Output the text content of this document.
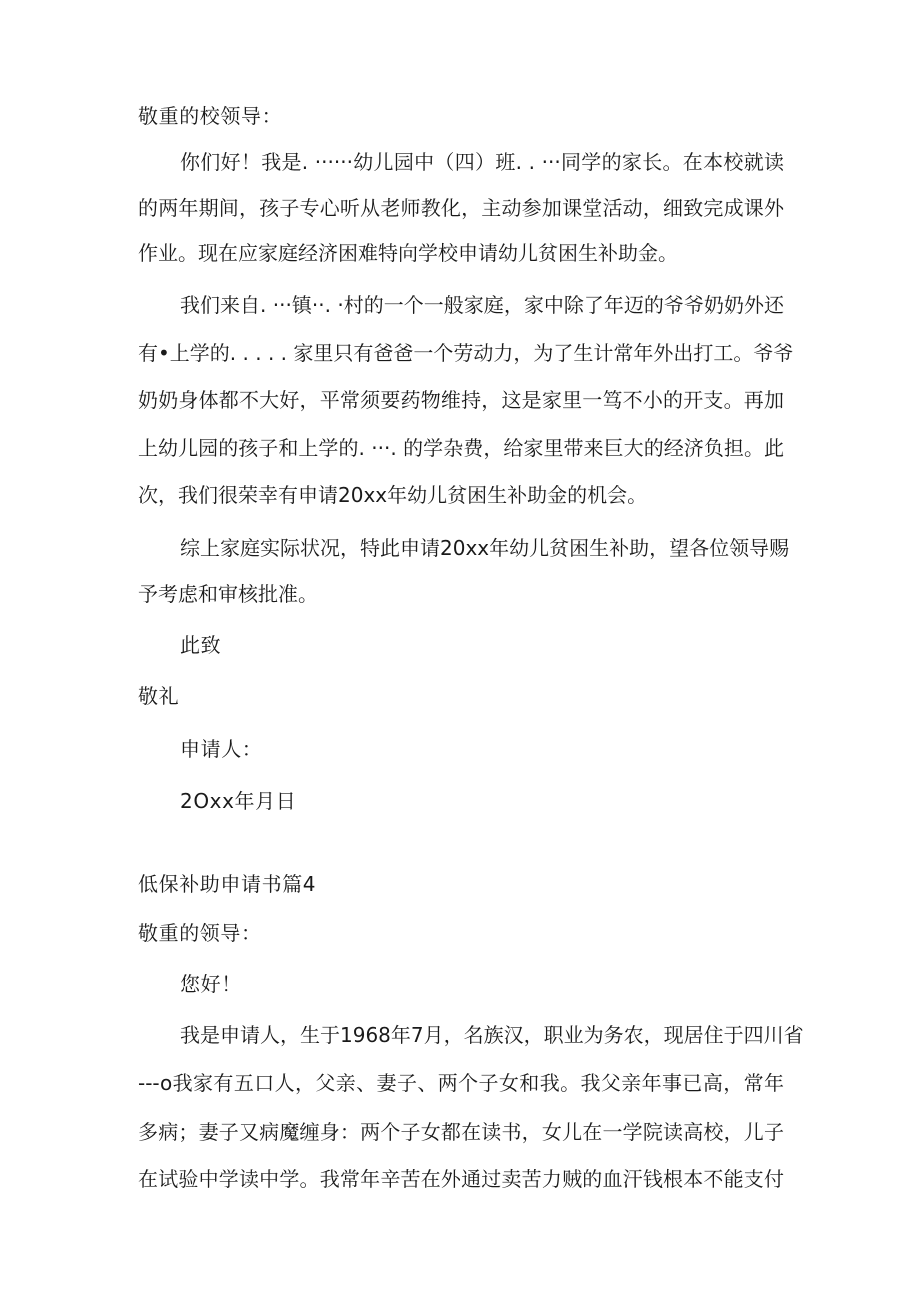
敬重的校领导：
你们好！我是. ······幼儿园中（四）班. . ···同学的家长。在本校就读
的两年期间，孩子专心听从老师教化，主动参加课堂活动，细致完成课外
作业。现在应家庭经济困难特向学校申请幼儿贫困生补助金。
我们来自. ···镇··. ·村的一个一般家庭，家中除了年迈的爷爷奶奶外还
有•上学的. . . . . 家里只有爸爸一个劳动力，为了生计常年外出打工。爷爷
奶奶身体都不大好，平常须要药物维持，这是家里一笃不小的开支。再加
上幼儿园的孩子和上学的. ···. 的学杂费，给家里带来巨大的经济负担。此
次，我们很荣幸有申请20xx年幼儿贫困生补助金的机会。
综上家庭实际状况，特此申请20xx年幼儿贫困生补助，望各位领导赐
予考虑和审核批准。
此致
敬礼
申请人：
2Oxx年月日
低保补助申请书篇4
敬重的领导：
您好！
我是申请人，生于1968年7月，名族汉，职业为务农，现居住于四川省
---o我家有五口人，父亲、妻子、两个子女和我。我父亲年事已高，常年
多病；妻子又病魔缠身：两个子女都在读书，女儿在一学院读高校，儿子
在试验中学读中学。我常年辛苦在外通过卖苦力贼的血汗钱根本不能支付
